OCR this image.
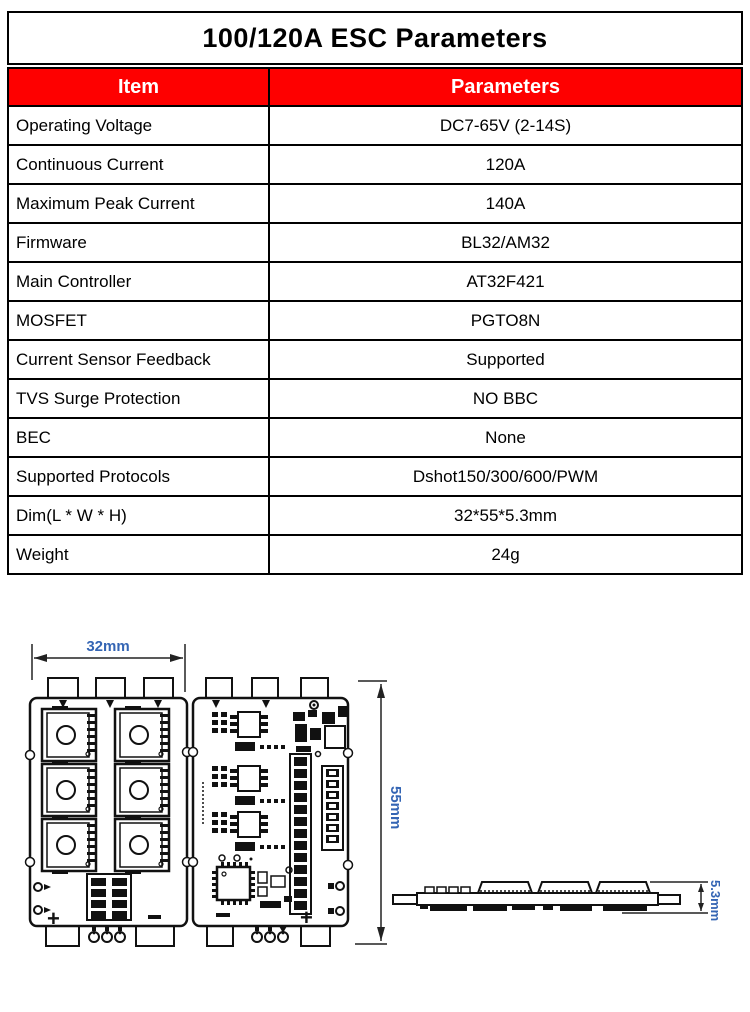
100/120A ESC Parameters
Item	Parameters
Operating Voltage	DC7-65V (2-14S)
Continuous Current	120A
Maximum Peak Current	140A
Firmware	BL32/AM32
Main Controller	AT32F421
MOSFET	PGTO8N
Current Sensor Feedback	Supported
TVS Surge Protection	NO BBC
BEC	None
Supported Protocols	Dshot150/300/600/PWM
Dim(L * W * H)	32*55*5.3mm
Weight	24g
+	+
32mm
55mm
5.3mm
